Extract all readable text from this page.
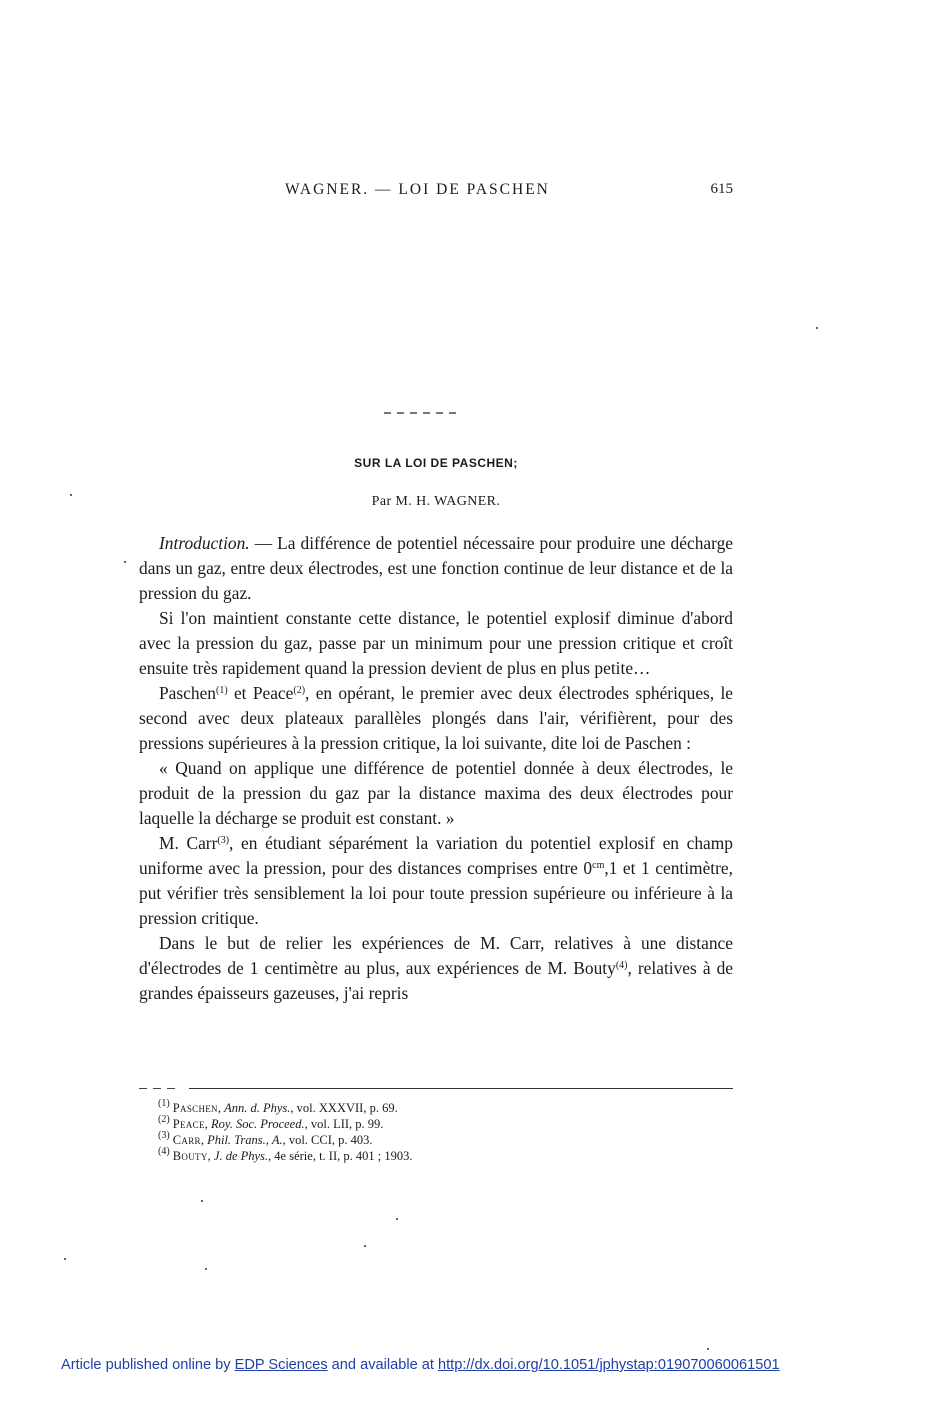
WAGNER. — LOI DE PASCHEN	615
SUR LA LOI DE PASCHEN;
Par M. H. WAGNER.

Introduction. — La différence de potentiel nécessaire pour produire une décharge dans un gaz, entre deux électrodes, est une fonction continue de leur distance et de la pression du gaz.

Si l'on maintient constante cette distance, le potentiel explosif diminue d'abord avec la pression du gaz, passe par un minimum pour une pression critique et croît ensuite très rapidement quand la pression devient de plus en plus petite…

Paschen$^{(1)}$ et Peace$^{(2)}$, en opérant, le premier avec deux électrodes sphériques, le second avec deux plateaux parallèles plongés dans l'air, vérifièrent, pour des pressions supérieures à la pression critique, la loi suivante, dite loi de Paschen :

« Quand on applique une différence de potentiel donnée à deux électrodes, le produit de la pression du gaz par la distance maxima des deux électrodes pour laquelle la décharge se produit est constant. »

M. Carr$^{(3)}$, en étudiant séparément la variation du potentiel explosif en champ uniforme avec la pression, pour des distances comprises entre $0^{cm},1$ et 1 centimètre, put vérifier très sensiblement la loi pour toute pression supérieure ou inférieure à la pression critique.

Dans le but de relier les expériences de M. Carr, relatives à une distance d'électrodes de 1 centimètre au plus, aux expériences de M. Bouty$^{(4)}$, relatives à de grandes épaisseurs gazeuses, j'ai repris

$^{(1)}$ Paschen, Ann. d. Phys., vol. XXXVII, p. 69.
$^{(2)}$ Peace, Roy. Soc. Proceed., vol. LII, p. 99.
$^{(3)}$ Carr, Phil. Trans., A., vol. CCI, p. 403.
$^{(4)}$ Bouty, J. de Phys., 4e série, t. II, p. 401 ; 1903.
Article published online by EDP Sciences and available at http://dx.doi.org/10.1051/jphystap:019070060061501
